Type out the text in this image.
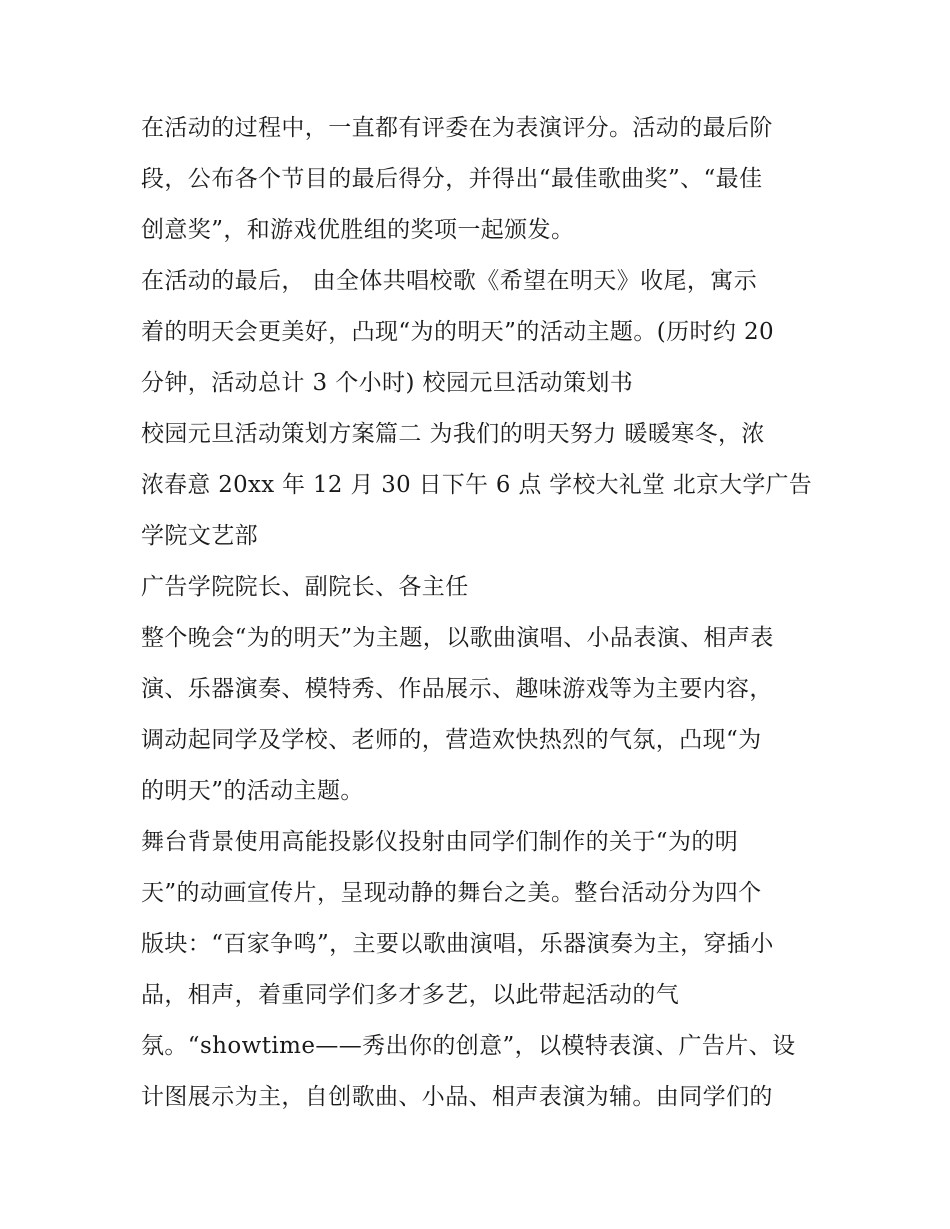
在活动的过程中，一直都有评委在为表演评分。活动的最后阶
段，公布各个节目的最后得分，并得出“最佳歌曲奖”、“最佳
创意奖”，和游戏优胜组的奖项一起颁发。
在活动的最后， 由全体共唱校歌《希望在明天》收尾，寓示
着的明天会更美好，凸现“为的明天”的活动主题。(历时约 20
分钟，活动总计 3 个小时) 校园元旦活动策划书
校园元旦活动策划方案篇二 为我们的明天努力 暖暖寒冬，浓
浓春意 20xx 年 12 月 30 日下午 6 点 学校大礼堂 北京大学广告
学院文艺部
广告学院院长、副院长、各主任
整个晚会“为的明天”为主题，以歌曲演唱、小品表演、相声表
演、乐器演奏、模特秀、作品展示、趣味游戏等为主要内容，
调动起同学及学校、老师的，营造欢快热烈的气氛，凸现“为
的明天”的活动主题。
舞台背景使用高能投影仪投射由同学们制作的关于“为的明
天”的动画宣传片，呈现动静的舞台之美。整台活动分为四个
版块：“百家争鸣”，主要以歌曲演唱，乐器演奏为主，穿插小
品，相声，着重同学们多才多艺，以此带起活动的气
氛。“showtime——秀出你的创意”，以模特表演、广告片、设
计图展示为主，自创歌曲、小品、相声表演为辅。由同学们的
